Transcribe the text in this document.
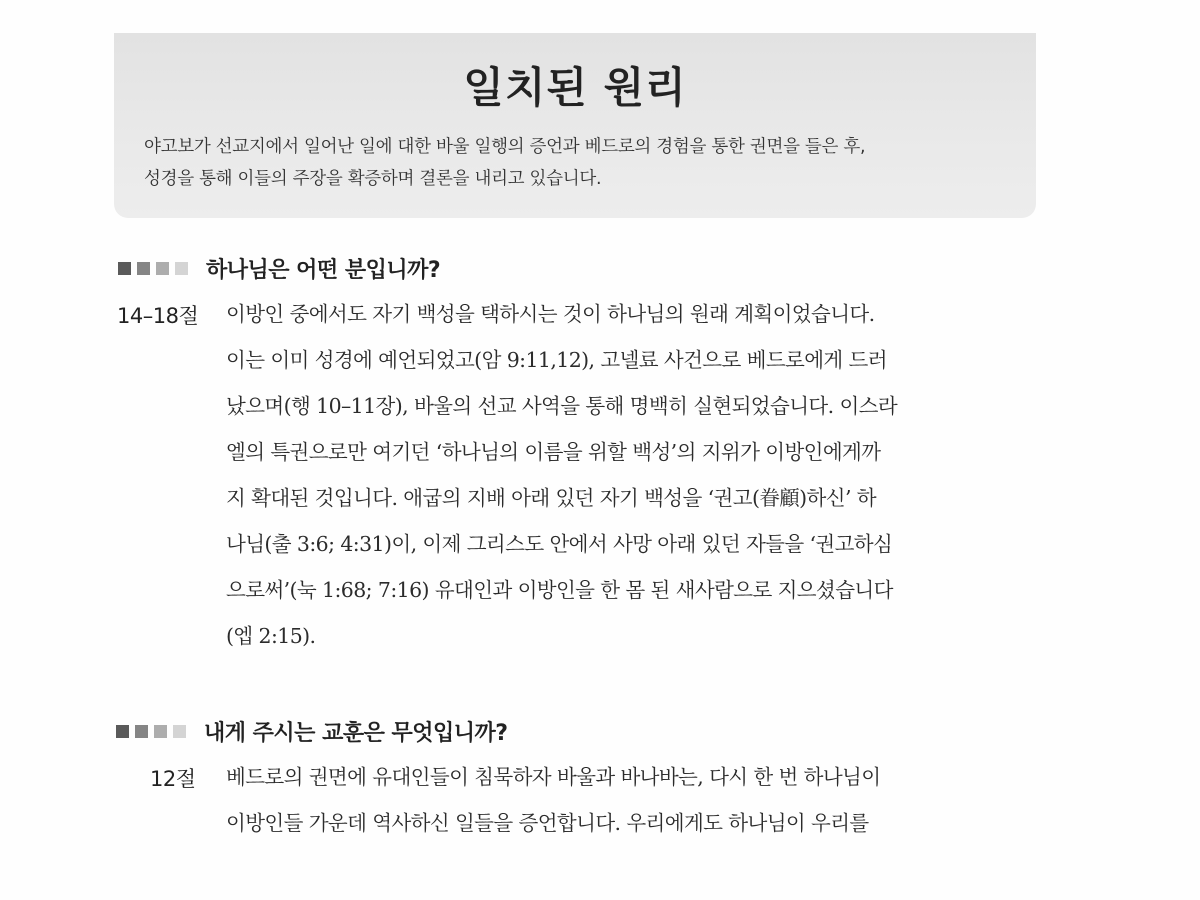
일치된 원리
야고보가 선교지에서 일어난 일에 대한 바울 일행의 증언과 베드로의 경험을 통한 권면을 들은 후,
성경을 통해 이들의 주장을 확증하며 결론을 내리고 있습니다.
하나님은 어떤 분입니까?
14–18절 이방인 중에서도 자기 백성을 택하시는 것이 하나님의 원래 계획이었습니다.
이는 이미 성경에 예언되었고(암 9:11,12), 고넬료 사건으로 베드로에게 드러
났으며(행 10–11장), 바울의 선교 사역을 통해 명백히 실현되었습니다. 이스라
엘의 특권으로만 여기던 ‘하나님의 이름을 위할 백성’의 지위가 이방인에게까
지 확대된 것입니다. 애굽의 지배 아래 있던 자기 백성을 ‘권고(眷顧)하신’ 하
나님(출 3:6; 4:31)이, 이제 그리스도 안에서 사망 아래 있던 자들을 ‘권고하심
으로써’(눅 1:68; 7:16) 유대인과 이방인을 한 몸 된 새사람으로 지으셨습니다
(엡 2:15).
내게 주시는 교훈은 무엇입니까?
12절 베드로의 권면에 유대인들이 침묵하자 바울과 바나바는, 다시 한 번 하나님이
이방인들 가운데 역사하신 일들을 증언합니다. 우리에게도 하나님이 우리를
